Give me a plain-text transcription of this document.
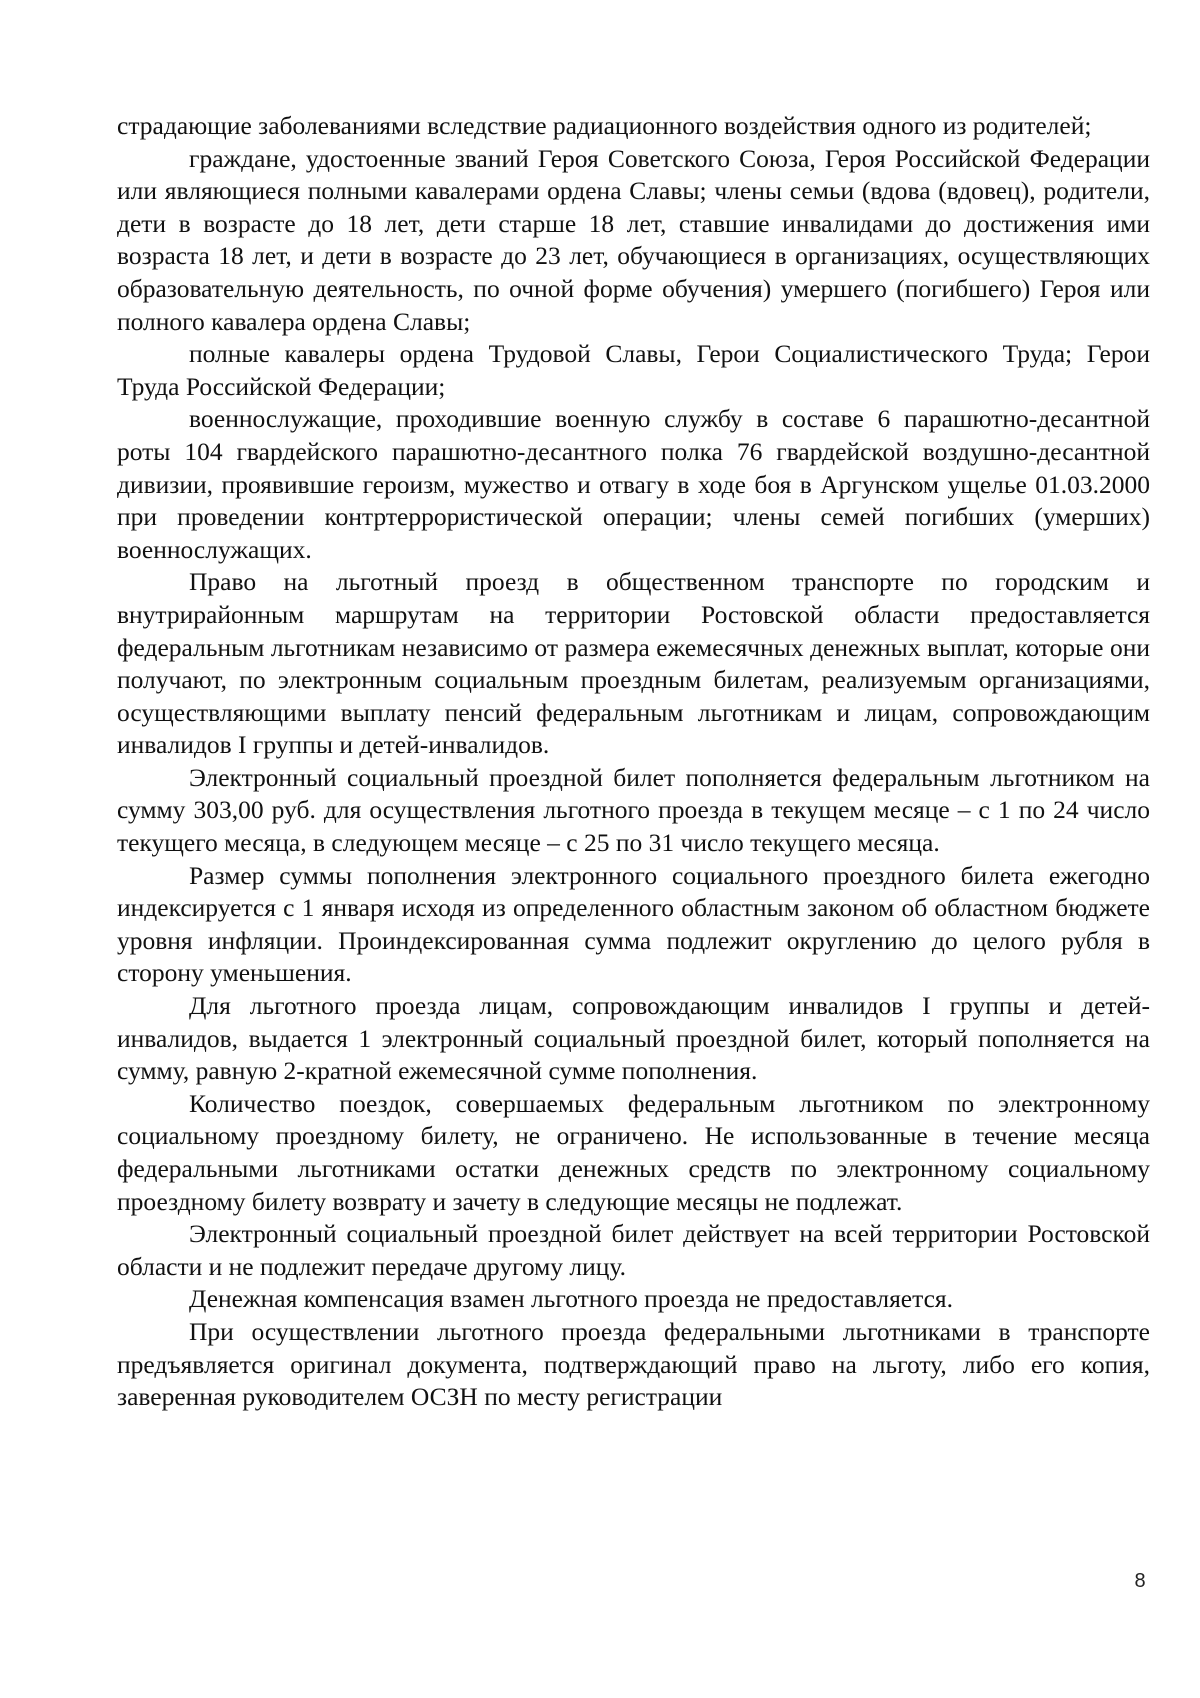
страдающие заболеваниями вследствие радиационного воздействия одного из родителей;

граждане, удостоенные званий Героя Советского Союза, Героя Российской Федерации или являющиеся полными кавалерами ордена Славы; члены семьи (вдова (вдовец), родители, дети в возрасте до 18 лет, дети старше 18 лет, ставшие инвалидами до достижения ими возраста 18 лет, и дети в возрасте до 23 лет, обучающиеся в организациях, осуществляющих образовательную деятельность, по очной форме обучения) умершего (погибшего) Героя или полного кавалера ордена Славы;

полные кавалеры ордена Трудовой Славы, Герои Социалистического Труда; Герои Труда Российской Федерации;

военнослужащие, проходившие военную службу в составе 6 парашютно-десантной роты 104 гвардейского парашютно-десантного полка 76 гвардейской воздушно-десантной дивизии, проявившие героизм, мужество и отвагу в ходе боя в Аргунском ущелье 01.03.2000 при проведении контртеррористической операции; члены семей погибших (умерших) военнослужащих.

Право на льготный проезд в общественном транспорте по городским и внутрирайонным маршрутам на территории Ростовской области предоставляется федеральным льготникам независимо от размера ежемесячных денежных выплат, которые они получают, по электронным социальным проездным билетам, реализуемым организациями, осуществляющими выплату пенсий федеральным льготникам и лицам, сопровождающим инвалидов I группы и детей-инвалидов.

Электронный социальный проездной билет пополняется федеральным льготником на сумму 303,00 руб. для осуществления льготного проезда в текущем месяце – с 1 по 24 число текущего месяца, в следующем месяце – с 25 по 31 число текущего месяца.

Размер суммы пополнения электронного социального проездного билета ежегодно индексируется с 1 января исходя из определенного областным законом об областном бюджете уровня инфляции. Проиндексированная сумма подлежит округлению до целого рубля в сторону уменьшения.

Для льготного проезда лицам, сопровождающим инвалидов I группы и детей-инвалидов, выдается 1 электронный социальный проездной билет, который пополняется на сумму, равную 2-кратной ежемесячной сумме пополнения.

Количество поездок, совершаемых федеральным льготником по электронному социальному проездному билету, не ограничено. Не использованные в течение месяца федеральными льготниками остатки денежных средств по электронному социальному проездному билету возврату и зачету в следующие месяцы не подлежат.

Электронный социальный проездной билет действует на всей территории Ростовской области и не подлежит передаче другому лицу.

Денежная компенсация взамен льготного проезда не предоставляется.

При осуществлении льготного проезда федеральными льготниками в транспорте предъявляется оригинал документа, подтверждающий право на льготу, либо его копия, заверенная руководителем ОСЗН по месту регистрации

8
